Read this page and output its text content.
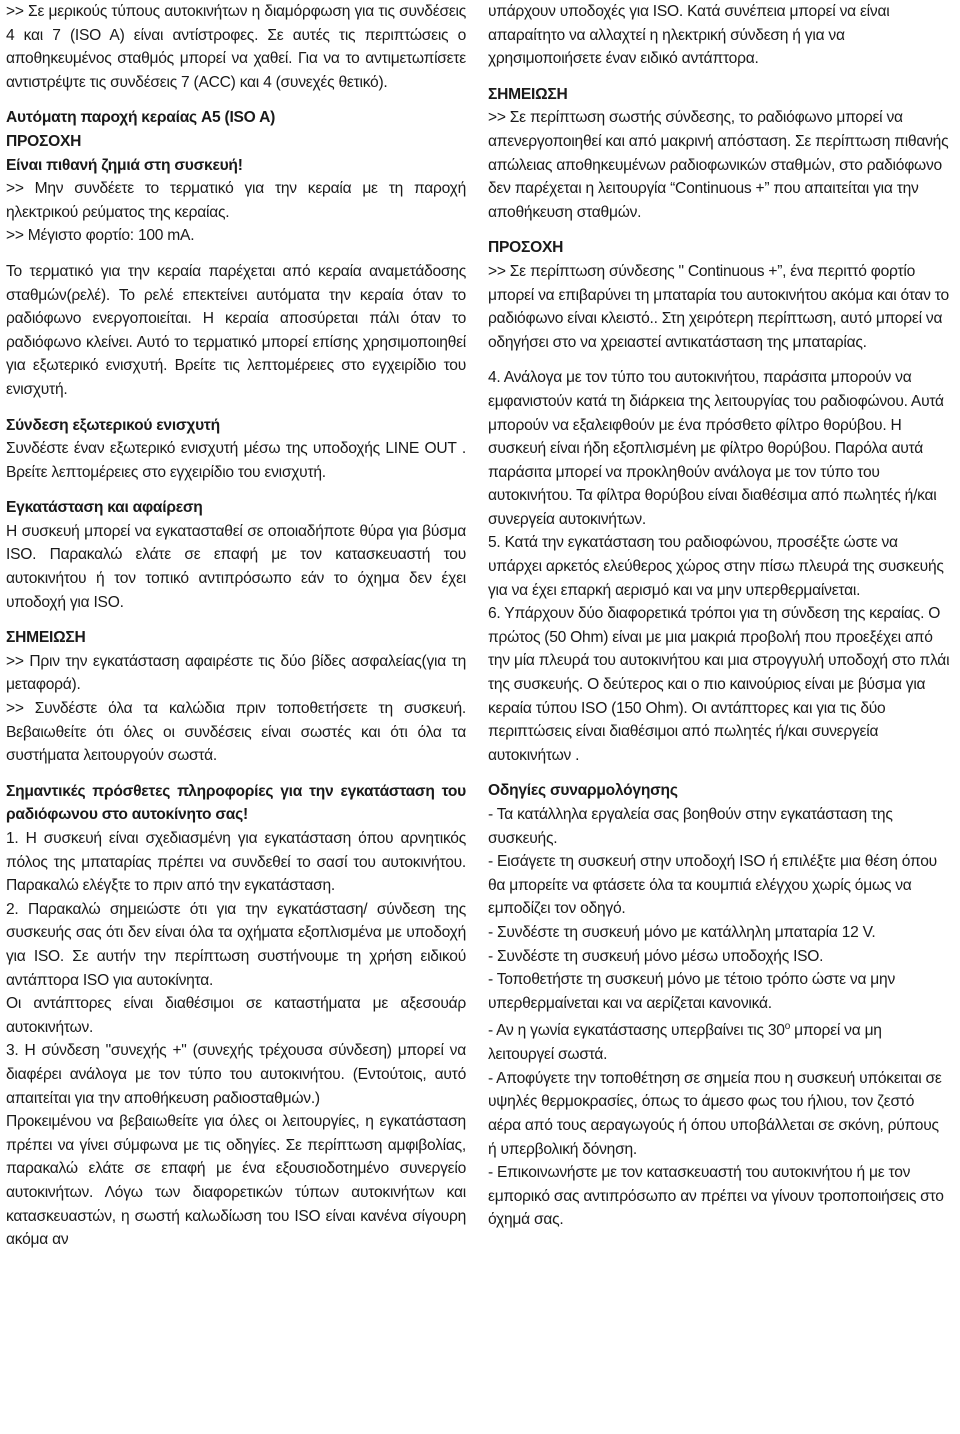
>> Σε μερικούς τύπους αυτοκινήτων η διαμόρφωση για τις συνδέσεις 4 και 7 (ISO A) είναι αντίστροφες. Σε αυτές τις περιπτώσεις ο αποθηκευμένος σταθμός μπορεί να χαθεί. Για να το αντιμετωπίσετε αντιστρέψτε τις συνδέσεις 7 (ACC) και 4 (συνεχές θετικό).

Αυτόματη παροχή κεραίας A5 (ISO A)

ΠΡΟΣΟΧΗ

Είναι πιθανή ζημιά στη συσκευή!

>> Μην συνδέετε το τερματικό για την κεραία με τη παροχή ηλεκτρικού ρεύματος της κεραίας.

>> Μέγιστο φορτίο: 100 mA.

Το τερματικό για την κεραία παρέχεται από κεραία αναμετάδοσης σταθμών(ρελέ). Το ρελέ επεκτείνει αυτόματα την κεραία όταν το ραδιόφωνο ενεργοποιείται. Η κεραία αποσύρεται πάλι όταν το ραδιόφωνο κλείνει. Αυτό το τερματικό μπορεί επίσης χρησιμοποιηθεί για εξωτερικό ενισχυτή. Βρείτε τις λεπτομέρειες στο εγχειρίδιο του ενισχυτή.

Σύνδεση εξωτερικού ενισχυτή

Συνδέστε έναν εξωτερικό ενισχυτή μέσω της υποδοχής LINE OUT . Βρείτε λεπτομέρειες στο εγχειρίδιο του ενισχυτή.

Εγκατάσταση και αφαίρεση

Η συσκευή μπορεί να εγκατασταθεί σε οποιαδήποτε θύρα για βύσμα ISO. Παρακαλώ ελάτε σε επαφή με τον κατασκευαστή του αυτοκινήτου ή τον τοπικό αντιπρόσωπο εάν το όχημα δεν έχει υποδοχή για ISO.

ΣΗΜΕΙΩΣΗ

>> Πριν την εγκατάσταση αφαιρέστε τις δύο βίδες ασφαλείας(για τη μεταφορά).

>> Συνδέστε όλα τα καλώδια πριν τοποθετήσετε τη συσκευή. Βεβαιωθείτε ότι όλες οι συνδέσεις είναι σωστές και ότι όλα τα συστήματα λειτουργούν σωστά.

Σημαντικές πρόσθετες πληροφορίες για την εγκατάσταση του ραδιόφωνου στο αυτοκίνητο σας!

1. Η συσκευή είναι σχεδιασμένη για εγκατάσταση όπου αρνητικός πόλος της μπαταρίας πρέπει να συνδεθεί το σασί του αυτοκινήτου. Παρακαλώ ελέγξτε το πριν από την εγκατάσταση.

2. Παρακαλώ σημειώστε ότι για την εγκατάσταση/ σύνδεση της συσκευής σας ότι δεν είναι όλα τα οχήματα εξοπλισμένα με υποδοχή για ISO. Σε αυτήν την περίπτωση συστήνουμε τη χρήση ειδικού αντάπτορα ISO για αυτοκίνητα.

Οι αντάπτορες είναι διαθέσιμοι σε καταστήματα με αξεσουάρ αυτοκινήτων.

3. Η σύνδεση "συνεχής +" (συνεχής τρέχουσα σύνδεση) μπορεί να διαφέρει ανάλογα με τον τύπο του αυτοκινήτου. (Εντούτοις, αυτό απαιτείται για την αποθήκευση ραδιοσταθμών.)

Προκειμένου να βεβαιωθείτε για όλες οι λειτουργίες, η εγκατάσταση πρέπει να γίνει σύμφωνα με τις οδηγίες. Σε περίπτωση αμφιβολίας, παρακαλώ ελάτε σε επαφή με ένα εξουσιοδοτημένο συνεργείο αυτοκινήτων. Λόγω των διαφορετικών τύπων αυτοκινήτων και κατασκευαστών, η σωστή καλωδίωση του ISO είναι κανένα σίγουρη ακόμα αν

υπάρχουν υποδοχές για ISO. Κατά συνέπεια μπορεί να είναι απαραίτητο να αλλαχτεί η ηλεκτρική σύνδεση ή για να χρησιμοποιήσετε έναν ειδικό αντάπτορα.

ΣΗΜΕΙΩΣΗ

>> Σε περίπτωση σωστής σύνδεσης, το ραδιόφωνο μπορεί να απενεργοποιηθεί και από μακρινή απόσταση. Σε περίπτωση πιθανής απώλειας αποθηκευμένων ραδιοφωνικών σταθμών, στο ραδιόφωνο δεν παρέχεται η λειτουργία “Continuous +” που απαιτείται για την αποθήκευση σταθμών.

ΠΡΟΣΟΧΗ

>> Σε περίπτωση σύνδεσης " Continuous +”, ένα περιττό φορτίο μπορεί να επιβαρύνει τη μπαταρία του αυτοκινήτου ακόμα και όταν το ραδιόφωνο είναι κλειστό.. Στη χειρότερη περίπτωση, αυτό μπορεί να οδηγήσει στο να χρειαστεί αντικατάσταση της μπαταρίας.

4. Ανάλογα με τον τύπο του αυτοκινήτου, παράσιτα μπορούν να εμφανιστούν κατά τη διάρκεια της λειτουργίας του ραδιοφώνου. Αυτά μπορούν να εξαλειφθούν με ένα πρόσθετο φίλτρο θορύβου. Η συσκευή είναι ήδη εξοπλισμένη με φίλτρο θορύβου. Παρόλα αυτά παράσιτα μπορεί να προκληθούν ανάλογα με τον τύπο του αυτοκινήτου. Τα φίλτρα θορύβου είναι διαθέσιμα από πωλητές ή/και συνεργεία αυτοκινήτων.

5. Κατά την εγκατάσταση του ραδιοφώνου, προσέξτε ώστε να υπάρχει αρκετός ελεύθερος χώρος στην πίσω πλευρά της συσκευής για να έχει επαρκή αερισμό και να μην υπερθερμαίνεται.

6. Υπάρχουν δύο διαφορετικά τρόποι για τη σύνδεση της κεραίας. Ο πρώτος (50 Ohm) είναι με μια μακριά προβολή που προεξέχει από την μία πλευρά του αυτοκινήτου και μια στρογγυλή υποδοχή στο πλάι της συσκευής. Ο δεύτερος και ο πιο καινούριος είναι με βύσμα για κεραία τύπου ISO (150 Ohm). Οι αντάπτορες και για τις δύο περιπτώσεις είναι διαθέσιμοι από πωλητές ή/και συνεργεία αυτοκινήτων .

Οδηγίες συναρμολόγησης

- Τα κατάλληλα εργαλεία σας βοηθούν στην εγκατάσταση της συσκευής.

- Εισάγετε τη συσκευή στην υποδοχή ISO ή επιλέξτε μια θέση όπου θα μπορείτε να φτάσετε όλα τα κουμπιά ελέγχου χωρίς όμως να εμποδίζει τον οδηγό.

- Συνδέστε τη συσκευή μόνο με κατάλληλη μπαταρία 12 V.

- Συνδέστε τη συσκευή μόνο μέσω υποδοχής ISO.

- Τοποθετήστε τη συσκευή μόνο με τέτοιο τρόπο ώστε να μην υπερθερμαίνεται και να αερίζεται κανονικά.

- Αν η γωνία εγκατάστασης υπερβαίνει τις 30$^o$ μπορεί να μη λειτουργεί σωστά.

- Αποφύγετε την τοποθέτηση σε σημεία που η συσκευή υπόκειται σε υψηλές θερμοκρασίες, όπως το άμεσο φως του ήλιου, τον ζεστό αέρα από τους αεραγωγούς ή όπου υποβάλλεται σε σκόνη, ρύπους ή υπερβολική δόνηση.

- Επικοινωνήστε με τον κατασκευαστή του αυτοκινήτου ή με τον εμπορικό σας αντιπρόσωπο αν πρέπει να γίνουν τροποποιήσεις στο όχημά σας.
